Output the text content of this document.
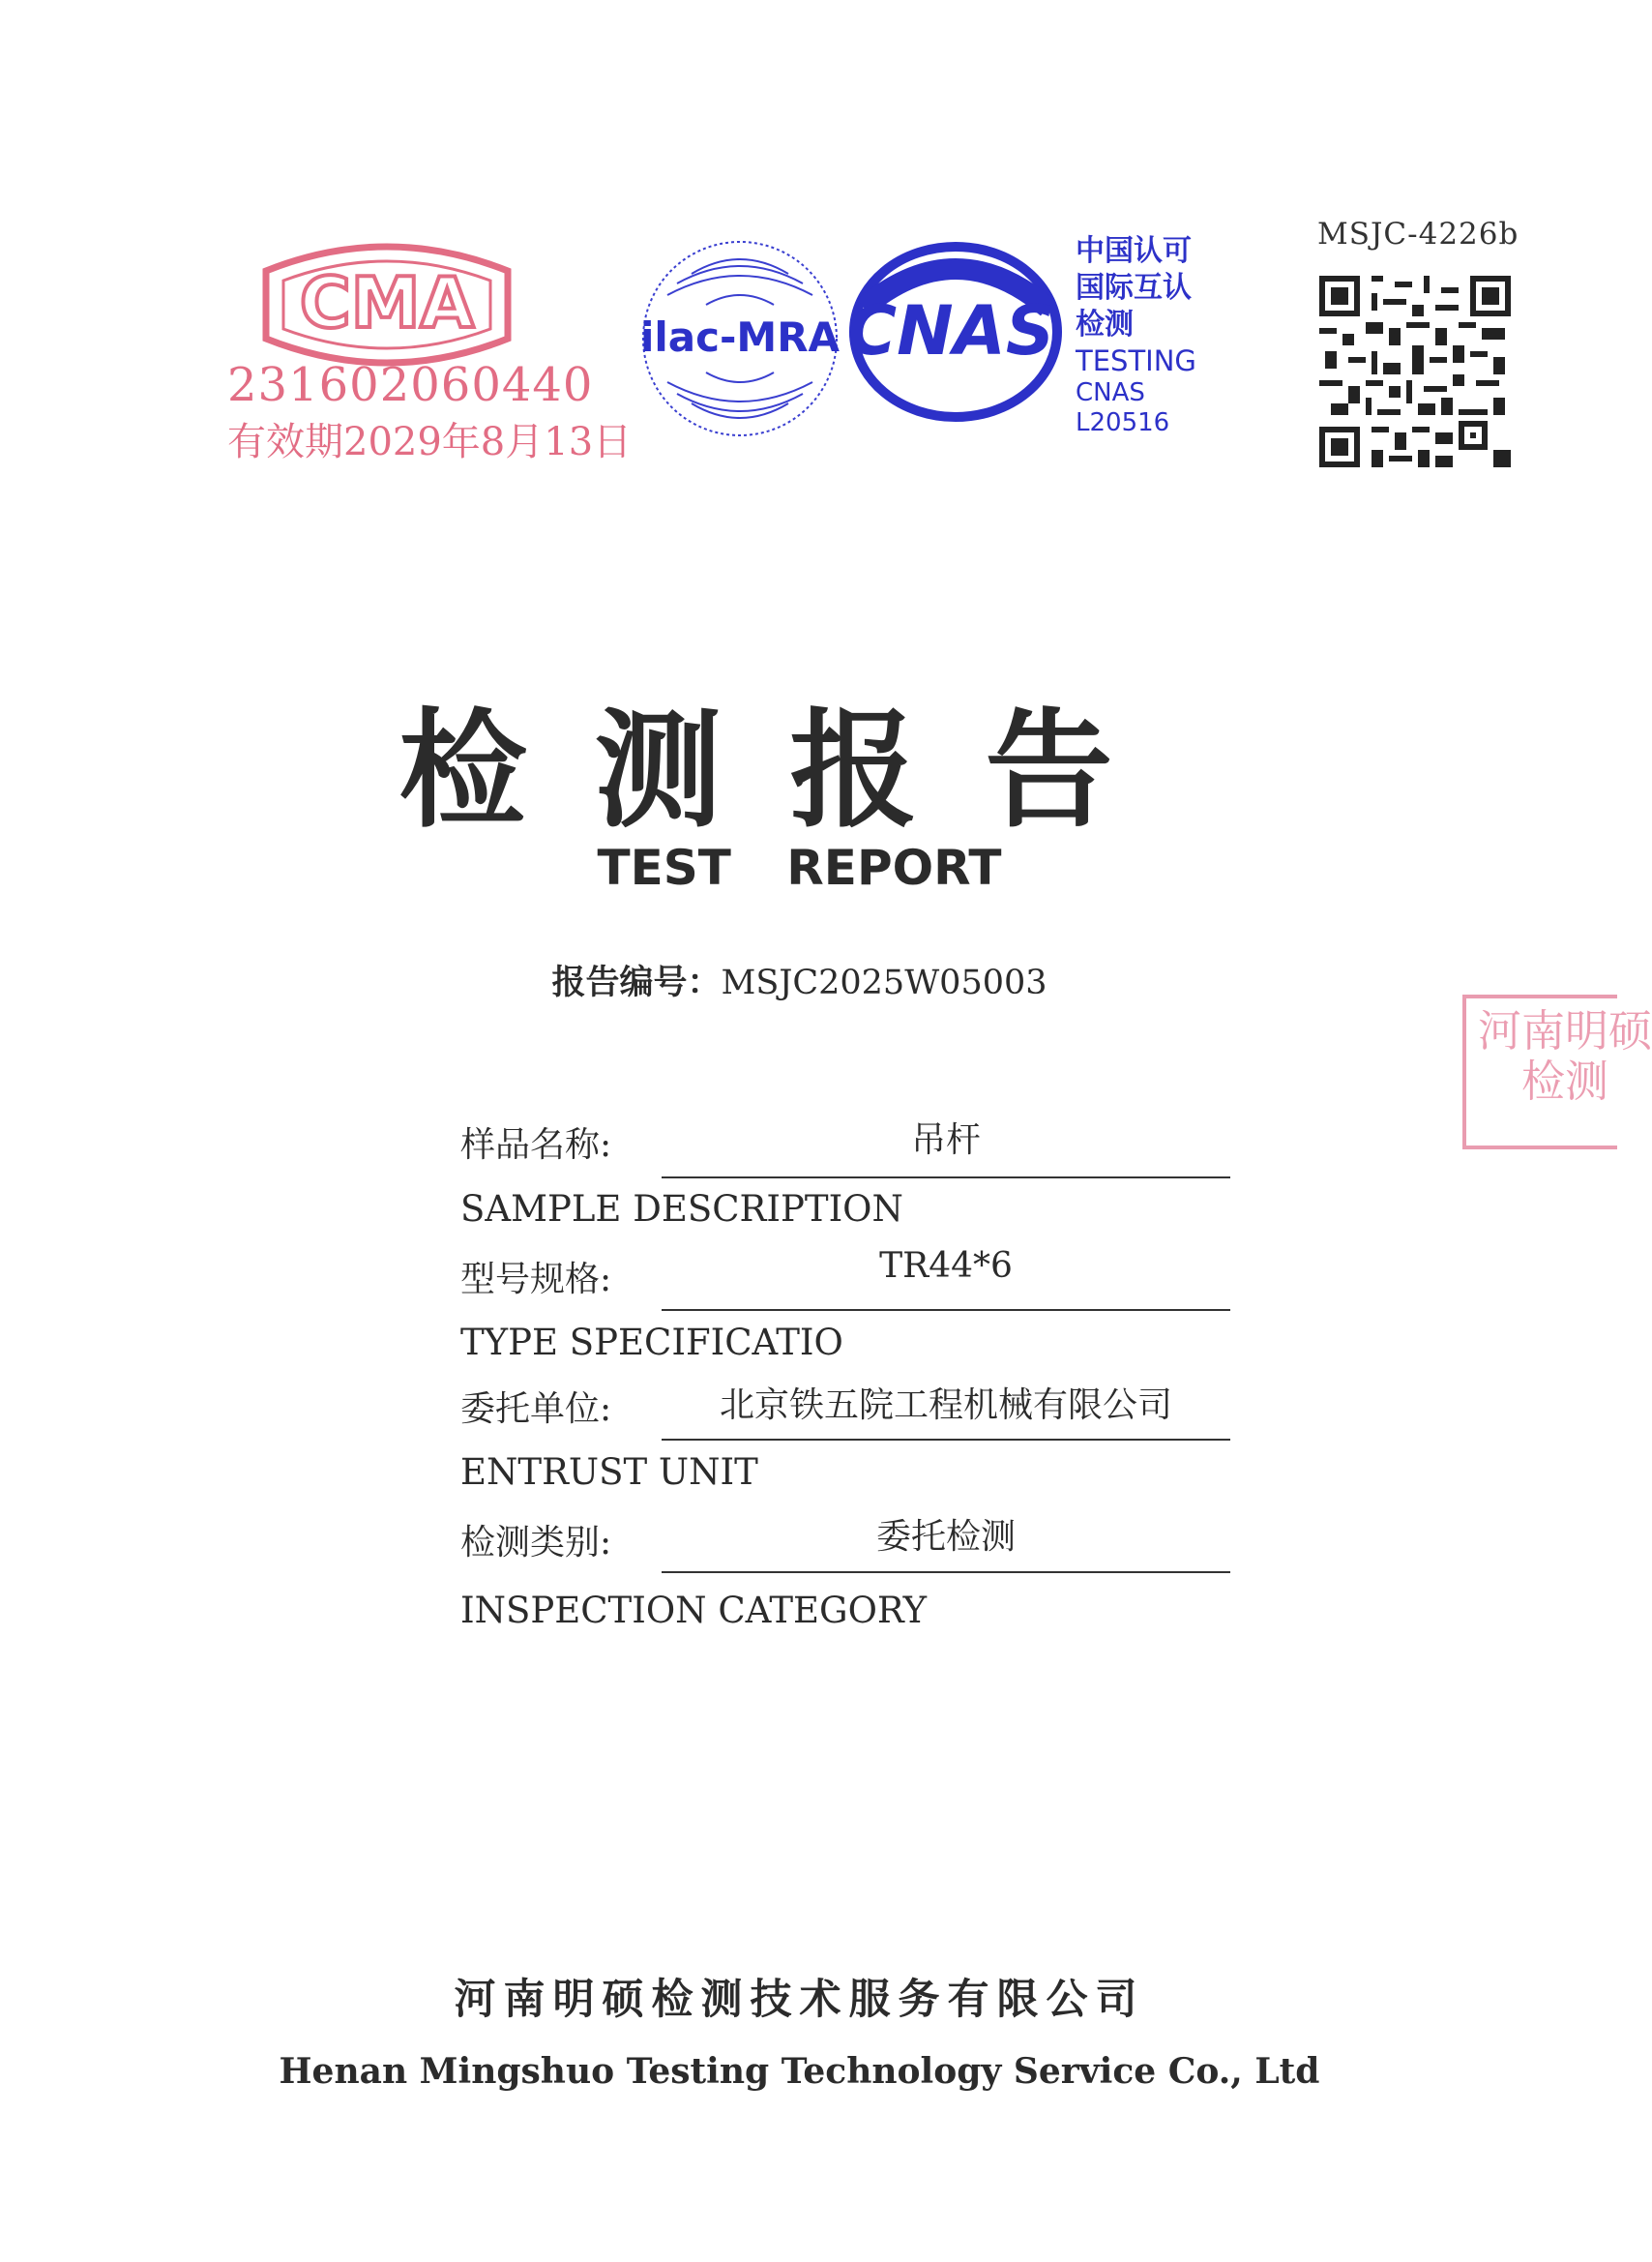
CMA
231602060440
有效期2029年8月13日
ilac-MRA CNAS
中国认可
国际互认
检测
TESTING
CNAS L20516
MSJC-4226b
检测报告
TEST REPORT
报告编号：MSJC2025W05003
河南明硕
检测
样品名称:	吊杆
SAMPLE DESCRIPTION
型号规格:	TR44*6
TYPE SPECIFICATIO
委托单位:	北京铁五院工程机械有限公司
ENTRUST UNIT
检测类别:	委托检测
INSPECTION CATEGORY
河南明硕检测技术服务有限公司
Henan Mingshuo Testing Technology Service Co., Ltd
